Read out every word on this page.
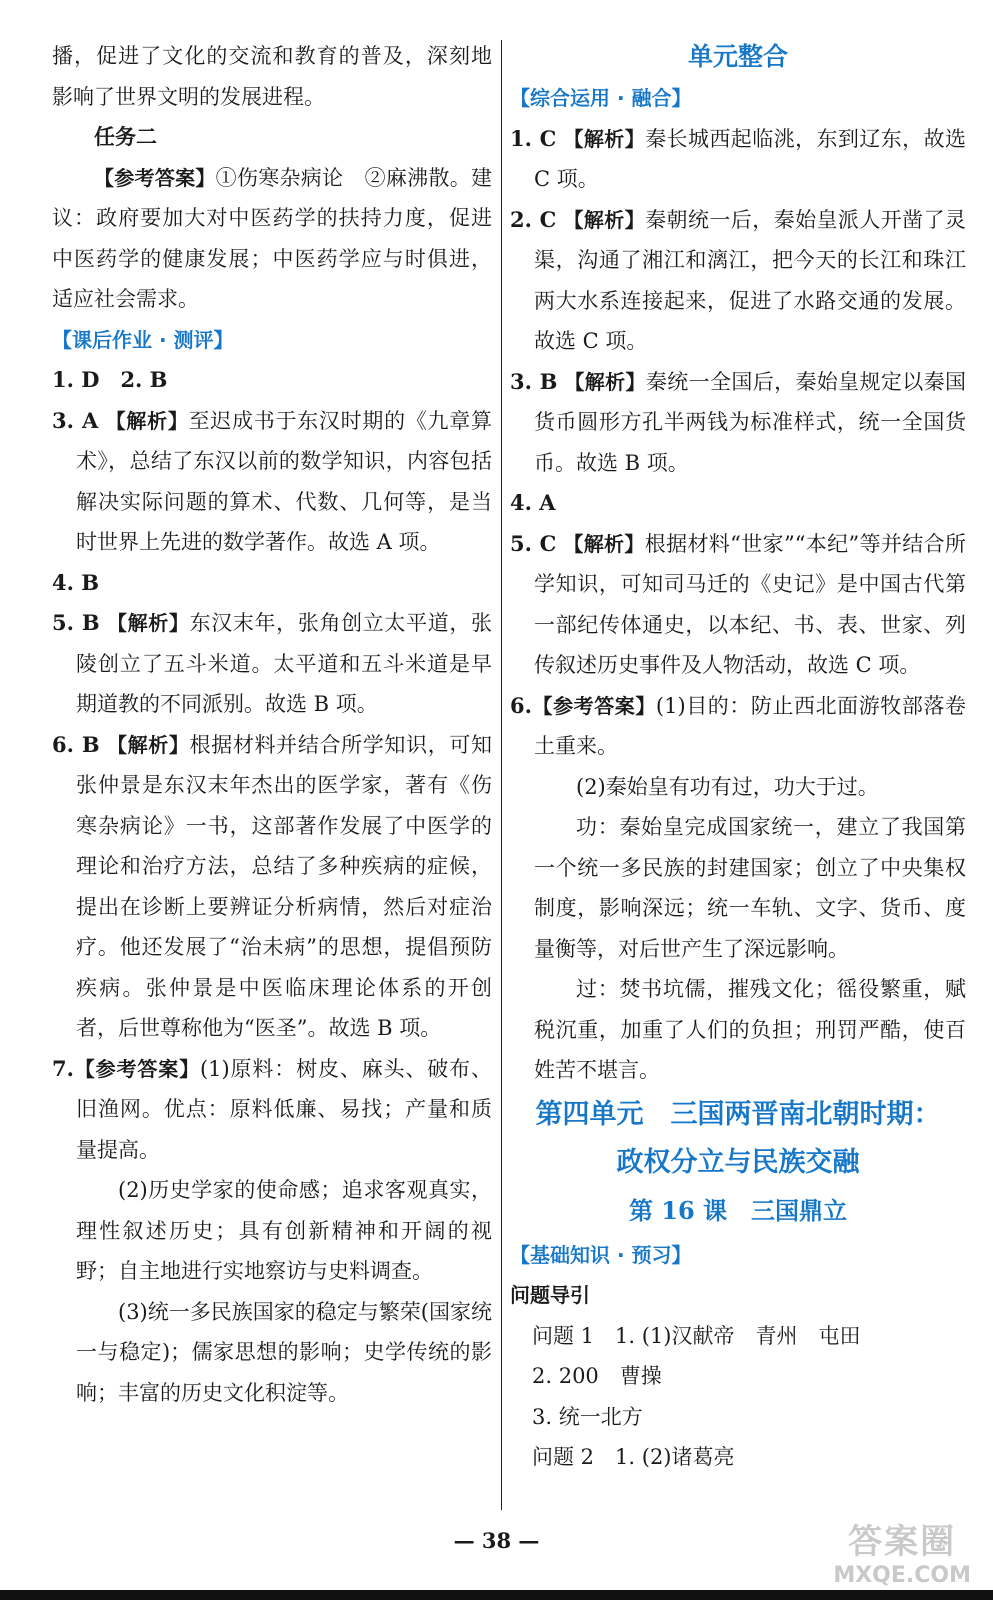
播，促进了文化的交流和教育的普及，深刻地影响了世界文明的发展进程。

任务二

【参考答案】①伤寒杂病论　②麻沸散。建议：政府要加大对中医药学的扶持力度，促进中医药学的健康发展；中医药学应与时俱进，适应社会需求。

【课后作业 · 测评】

1. D　2. B

3. A 【解析】至迟成书于东汉时期的《九章算术》，总结了东汉以前的数学知识，内容包括解决实际问题的算术、代数、几何等，是当时世界上先进的数学著作。故选 A 项。

4. B

5. B 【解析】东汉末年，张角创立太平道，张陵创立了五斗米道。太平道和五斗米道是早期道教的不同派别。故选 B 项。

6. B 【解析】根据材料并结合所学知识，可知张仲景是东汉末年杰出的医学家，著有《伤寒杂病论》一书，这部著作发展了中医学的理论和治疗方法，总结了多种疾病的症候，提出在诊断上要辨证分析病情，然后对症治疗。他还发展了“治未病”的思想，提倡预防疾病。张仲景是中医临床理论体系的开创者，后世尊称他为“医圣”。故选 B 项。

7.【参考答案】(1)原料：树皮、麻头、破布、旧渔网。优点：原料低廉、易找；产量和质量提高。

(2)历史学家的使命感；追求客观真实，理性叙述历史；具有创新精神和开阔的视野；自主地进行实地察访与史料调查。

(3)统一多民族国家的稳定与繁荣(国家统一与稳定)；儒家思想的影响；史学传统的影响；丰富的历史文化积淀等。

单元整合

【综合运用 · 融合】

1. C 【解析】秦长城西起临洮，东到辽东，故选 C 项。

2. C 【解析】秦朝统一后，秦始皇派人开凿了灵渠，沟通了湘江和漓江，把今天的长江和珠江两大水系连接起来，促进了水路交通的发展。故选 C 项。

3. B 【解析】秦统一全国后，秦始皇规定以秦国货币圆形方孔半两钱为标准样式，统一全国货币。故选 B 项。

4. A

5. C 【解析】根据材料“世家”“本纪”等并结合所学知识，可知司马迁的《史记》是中国古代第一部纪传体通史，以本纪、书、表、世家、列传叙述历史事件及人物活动，故选 C 项。

6.【参考答案】(1)目的：防止西北面游牧部落卷土重来。

(2)秦始皇有功有过，功大于过。

功：秦始皇完成国家统一，建立了我国第一个统一多民族的封建国家；创立了中央集权制度，影响深远；统一车轨、文字、货币、度量衡等，对后世产生了深远影响。

过：焚书坑儒，摧残文化；徭役繁重，赋税沉重，加重了人们的负担；刑罚严酷，使百姓苦不堪言。

第四单元　三国两晋南北朝时期：

政权分立与民族交融

第 16 课　三国鼎立

【基础知识 · 预习】

问题导引

问题 1　1. (1)汉献帝　青州　屯田

2. 200　曹操

3. 统一北方

问题 2　1. (2)诸葛亮

— 38 —	答案圈
MXQE.COM
